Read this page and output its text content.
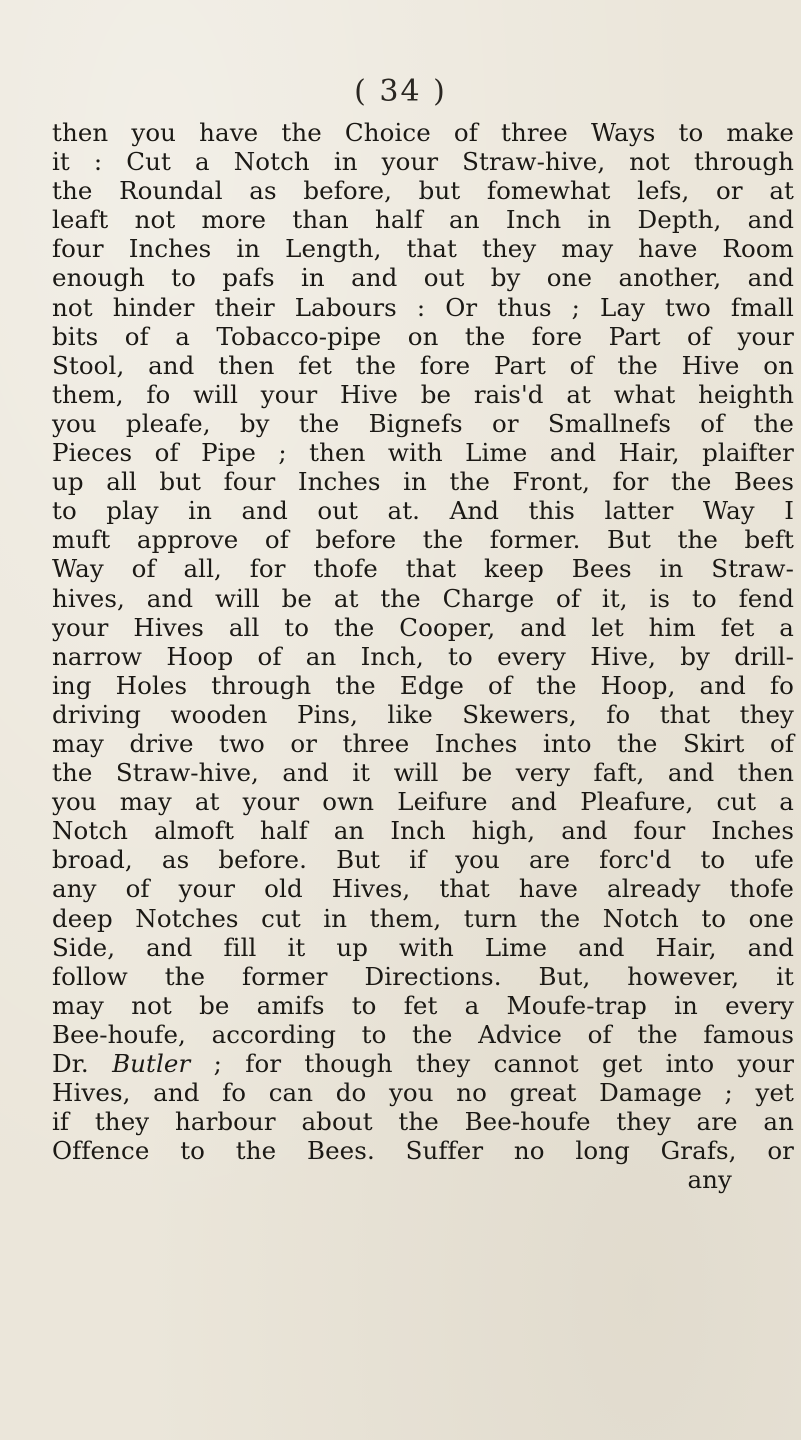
( 34 )
then you have the Choice of three Ways to make
it : Cut a Notch in your Straw-hive, not through
the Roundal as before, but fomewhat lefs, or at
leaft not more than half an Inch in Depth, and
four Inches in Length, that they may have Room
enough to pafs in and out by one another, and
not hinder their Labours : Or thus ; Lay two fmall
bits of a Tobacco-pipe on the fore Part of your
Stool, and then fet the fore Part of the Hive on
them, fo will your Hive be rais'd at what heighth
you pleafe, by the Bignefs or Smallnefs of the
Pieces of Pipe ; then with Lime and Hair, plaifter
up all but four Inches in the Front, for the Bees
to play in and out at. And this latter Way I
muft approve of before the former. But the beft
Way of all, for thofe that keep Bees in Straw-
hives, and will be at the Charge of it, is to fend
your Hives all to the Cooper, and let him fet a
narrow Hoop of an Inch, to every Hive, by drill-
ing Holes through the Edge of the Hoop, and fo
driving wooden Pins, like Skewers, fo that they
may drive two or three Inches into the Skirt of
the Straw-hive, and it will be very faft, and then
you may at your own Leifure and Pleafure, cut a
Notch almoft half an Inch high, and four Inches
broad, as before. But if you are forc'd to ufe
any of your old Hives, that have already thofe
deep Notches cut in them, turn the Notch to one
Side, and fill it up with Lime and Hair, and
follow the former Directions. But, however, it
may not be amifs to fet a Moufe-trap in every
Bee-houfe, according to the Advice of the famous
Dr. Butler ; for though they cannot get into your
Hives, and fo can do you no great Damage ; yet
if they harbour about the Bee-houfe they are an
Offence to the Bees. Suffer no long Grafs, or
any
